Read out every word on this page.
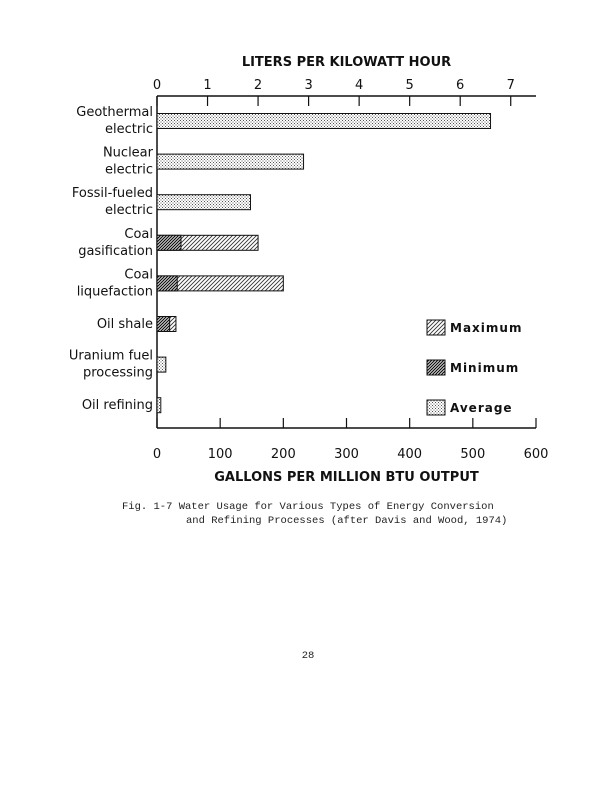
LITERS PER KILOWATT HOUR
GALLONS PER MILLION BTU OUTPUT
0	1	2	3	4	5	6	7
0	100	200	300	400	500	600
Geothermal
electric
Nuclear
electric
Fossil-fueled
electric
Coal
gasification
Coal
liquefaction
Oil shale
Uranium fuel
processing
Oil refining
Maximum
Minimum
Average
Fig. 1-7 Water Usage for Various Types of Energy Conversion
and Refining Processes (after Davis and Wood, 1974)
28
